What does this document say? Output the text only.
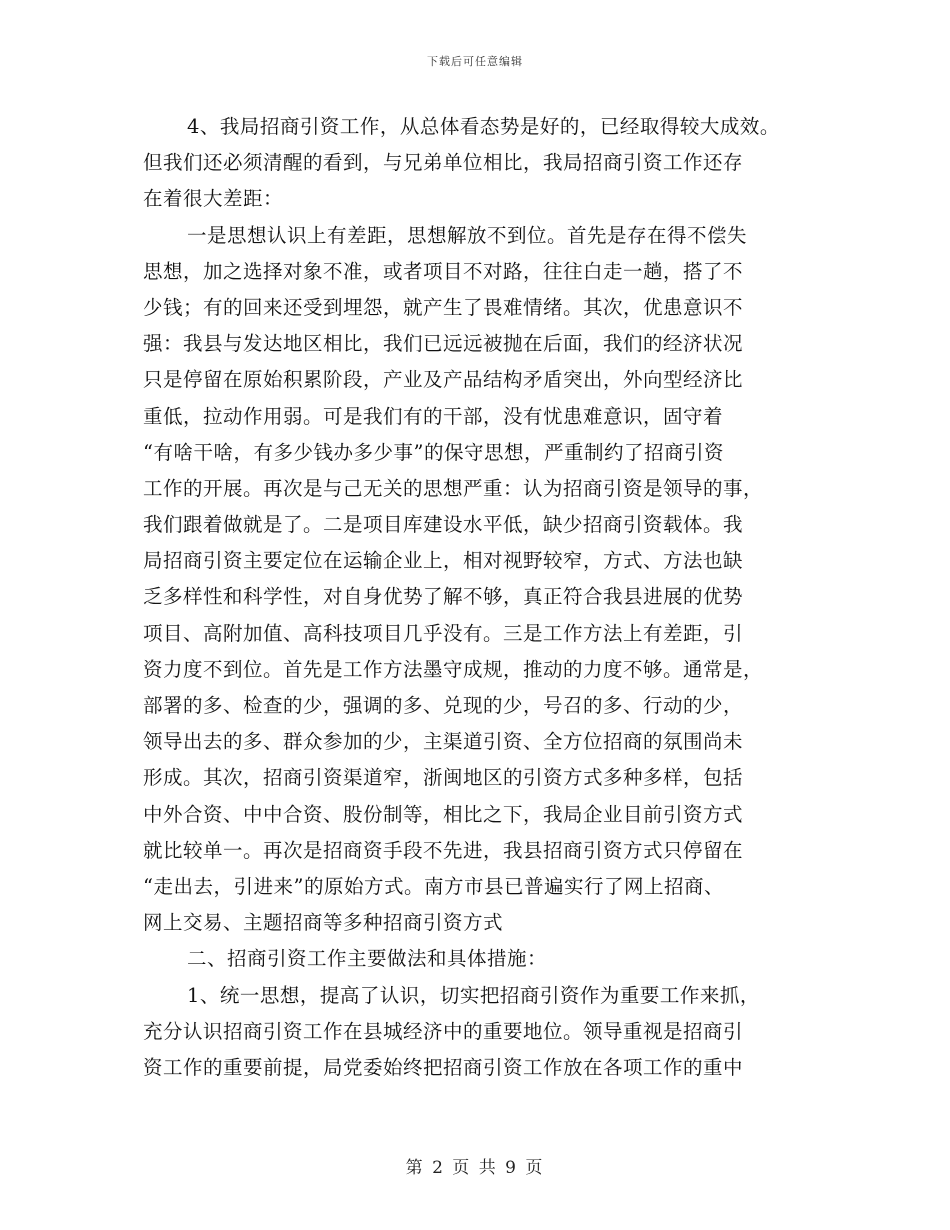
下载后可任意编辑
4、我局招商引资工作，从总体看态势是好的，已经取得较大成效。
但我们还必须清醒的看到，与兄弟单位相比，我局招商引资工作还存
在着很大差距：
一是思想认识上有差距，思想解放不到位。首先是存在得不偿失
思想，加之选择对象不准，或者项目不对路，往往白走一趟，搭了不
少钱；有的回来还受到埋怨，就产生了畏难情绪。其次，优患意识不
强：我县与发达地区相比，我们已远远被抛在后面，我们的经济状况
只是停留在原始积累阶段，产业及产品结构矛盾突出，外向型经济比
重低，拉动作用弱。可是我们有的干部，没有忧患难意识，固守着
“有啥干啥，有多少钱办多少事”的保守思想，严重制约了招商引资
工作的开展。再次是与己无关的思想严重：认为招商引资是领导的事，
我们跟着做就是了。二是项目库建设水平低，缺少招商引资载体。我
局招商引资主要定位在运输企业上，相对视野较窄，方式、方法也缺
乏多样性和科学性，对自身优势了解不够，真正符合我县进展的优势
项目、高附加值、高科技项目几乎没有。三是工作方法上有差距，引
资力度不到位。首先是工作方法墨守成规，推动的力度不够。通常是，
部署的多、检查的少，强调的多、兑现的少，号召的多、行动的少，
领导出去的多、群众参加的少，主渠道引资、全方位招商的氛围尚未
形成。其次，招商引资渠道窄，浙闽地区的引资方式多种多样，包括
中外合资、中中合资、股份制等，相比之下，我局企业目前引资方式
就比较单一。再次是招商资手段不先进，我县招商引资方式只停留在
“走出去，引进来”的原始方式。南方市县已普遍实行了网上招商、
网上交易、主题招商等多种招商引资方式
二、招商引资工作主要做法和具体措施：
1、统一思想，提高了认识，切实把招商引资作为重要工作来抓，
充分认识招商引资工作在县城经济中的重要地位。领导重视是招商引
资工作的重要前提，局党委始终把招商引资工作放在各项工作的重中
第 2 页 共 9 页
